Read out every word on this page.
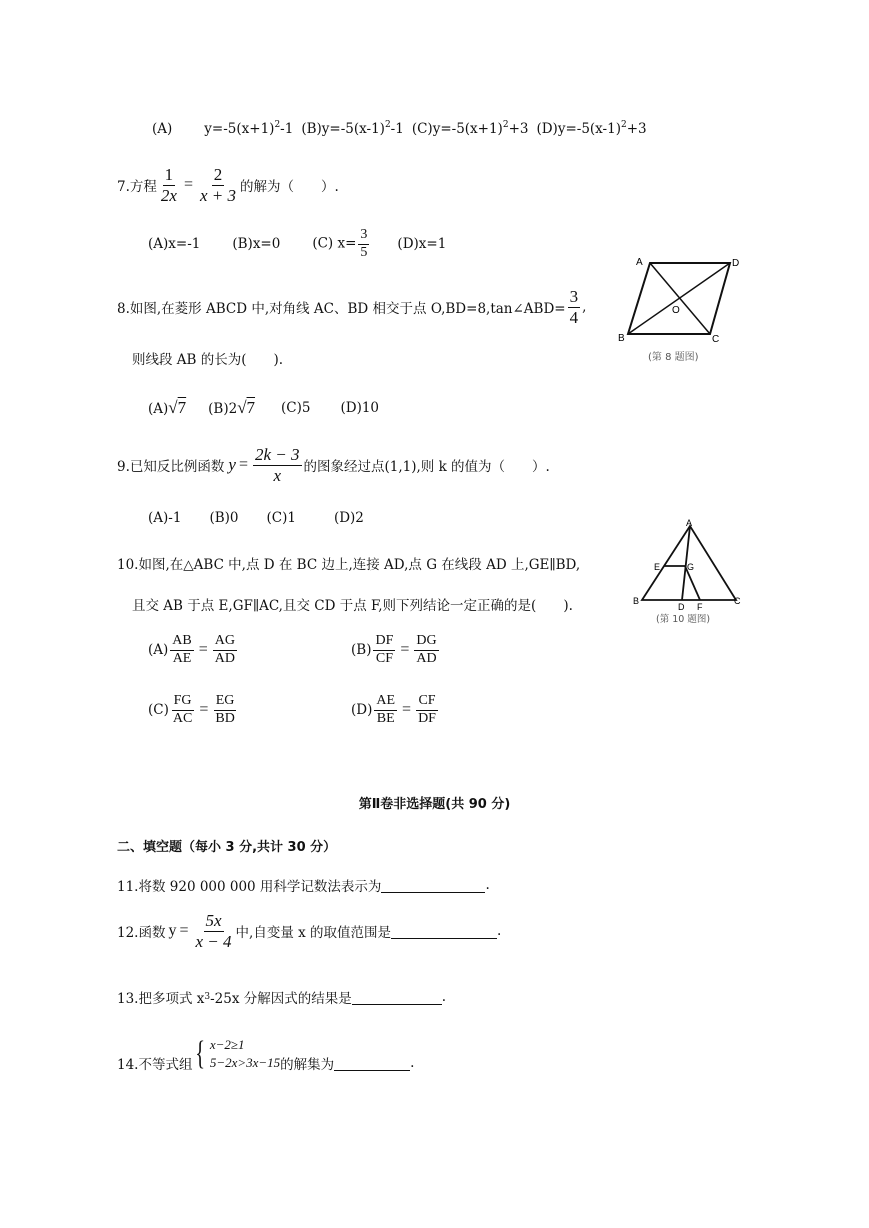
(A) $y=-5(x+1)^2-1$ $(B)y=-5(x-1)^2-1$ $(C)y=-5(x+1)^2+3$ $(D)y=-5(x-1)^2+3$
7.方程 $\frac{1}{2x} = \frac{2}{x + 3}$ 的解为（　　）.
(A)x=-1 (B)x=0 (C) $x= \frac{3}{5} (D)x=1$
8.如图,在菱形 ABCD 中,对角线 AC、BD 相交于点 O,BD=8,tan∠ABD= $\frac{3}{4}$ ,
则线段 AB 的长为(　　).
(A)√7 (B)2√7 (C)5 (D)10
A	D
B	C
O
(第 8 题图)
9.已知反比例函数 $y = \frac{2k - 3}{x}$ 的图象经过点(1,1),则 k 的值为（　　）.
(A)-1 (B)0 (C)1	(D)2
10.如图,在△ABC 中,点 D 在 BC 边上,连接 AD,点 G 在线段 AD 上,GE∥BD,
且交 AB 于点 E,GF∥AC,且交 CD 于点 F,则下列结论一定正确的是(　　).
A
E	G
B
D F
C
(第 10 题图)
$(A) \frac{AB}{AE} = \frac{AG}{AD}$	$(B) \frac{DF}{CF} = \frac{DG}{AD}$
$(C) \frac{FG}{AC} = \frac{EG}{BD}$	$(D) \frac{AE}{BE} = \frac{CF}{DF}$
第Ⅱ卷非选择题(共 90 分)
二、填空题（每小 3 分,共计 30 分）
11.将数 920 000 000 用科学记数法表示为	.
12.函数 $y = \frac{5x}{x - 4}$ 中,自变量 x 的取值范围是	.
13.把多项式 x 3 -25x 分解因式的结果是	.
14.不等式组 { x−2≥1
5−2x>3x−15 的解集为	.
